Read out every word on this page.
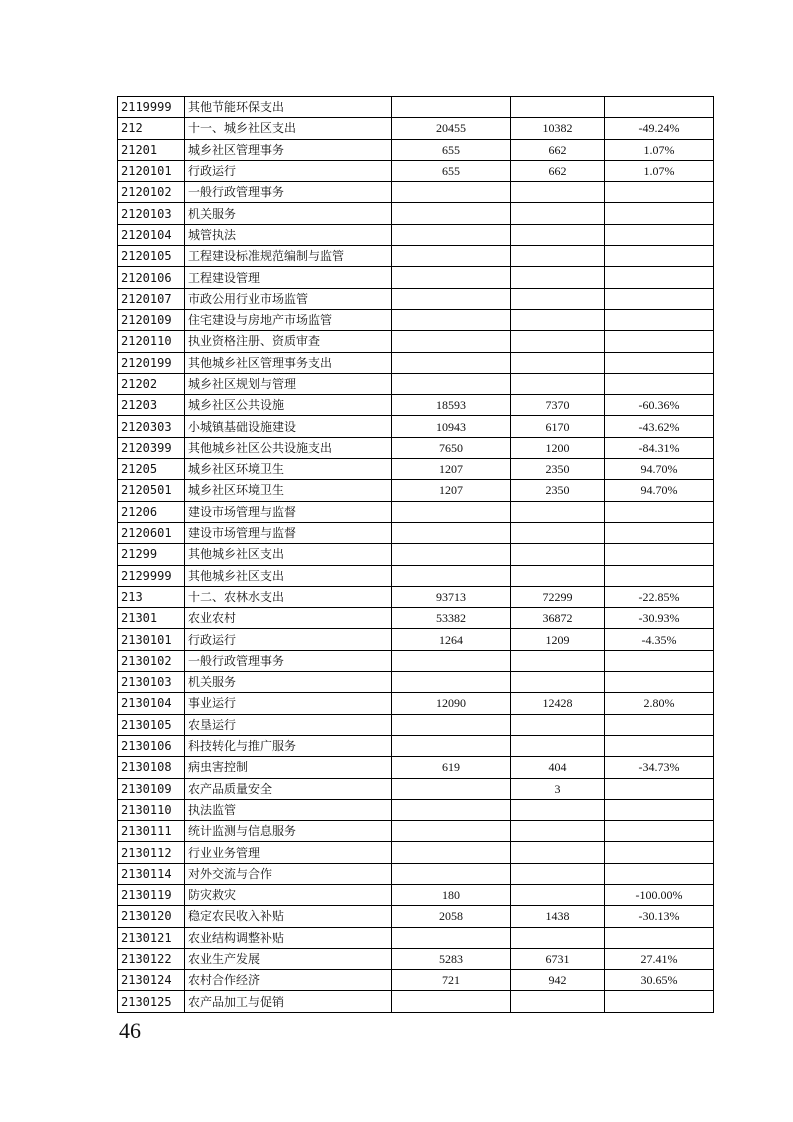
2119999	其他节能环保支出			
212	十一、城乡社区支出	20455	10382	-49.24%
21201	城乡社区管理事务	655	662	1.07%
2120101	行政运行	655	662	1.07%
2120102	一般行政管理事务			
2120103	机关服务			
2120104	城管执法			
2120105	工程建设标准规范编制与监管			
2120106	工程建设管理			
2120107	市政公用行业市场监管			
2120109	住宅建设与房地产市场监管			
2120110	执业资格注册、资质审查			
2120199	其他城乡社区管理事务支出			
21202	城乡社区规划与管理			
21203	城乡社区公共设施	18593	7370	-60.36%
2120303	小城镇基础设施建设	10943	6170	-43.62%
2120399	其他城乡社区公共设施支出	7650	1200	-84.31%
21205	城乡社区环境卫生	1207	2350	94.70%
2120501	城乡社区环境卫生	1207	2350	94.70%
21206	建设市场管理与监督			
2120601	建设市场管理与监督			
21299	其他城乡社区支出			
2129999	其他城乡社区支出			
213	十二、农林水支出	93713	72299	-22.85%
21301	农业农村	53382	36872	-30.93%
2130101	行政运行	1264	1209	-4.35%
2130102	一般行政管理事务			
2130103	机关服务			
2130104	事业运行	12090	12428	2.80%
2130105	农垦运行			
2130106	科技转化与推广服务			
2130108	病虫害控制	619	404	-34.73%
2130109	农产品质量安全		3	
2130110	执法监管			
2130111	统计监测与信息服务			
2130112	行业业务管理			
2130114	对外交流与合作			
2130119	防灾救灾	180		-100.00%
2130120	稳定农民收入补贴	2058	1438	-30.13%
2130121	农业结构调整补贴			
2130122	农业生产发展	5283	6731	27.41%
2130124	农村合作经济	721	942	30.65%
2130125	农产品加工与促销			
46
